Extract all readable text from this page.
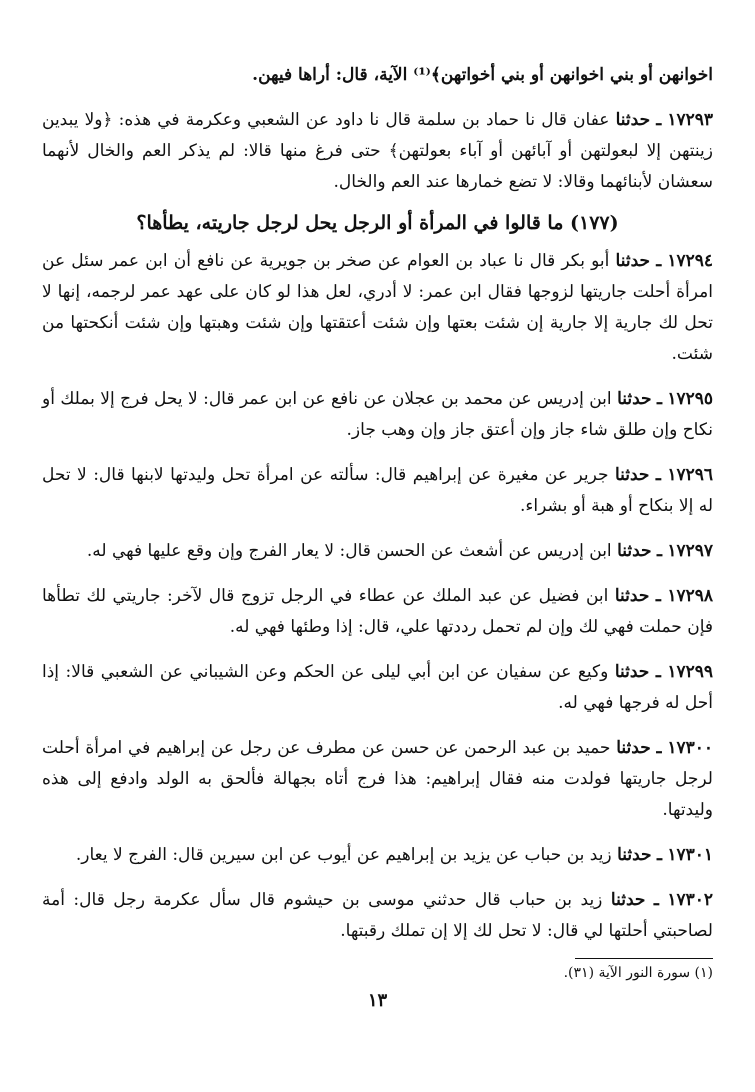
اخوانهن أو بني اخوانهن أو بني أخواتهن﴾⁽¹⁾ الآية، قال: أراها فيهن.

١٧٢٩٣ ـ حدثنا عفان قال نا حماد بن سلمة قال نا داود عن الشعبي وعكرمة في هذه: ﴿ولا يبدين زينتهن إلا لبعولتهن أو آبائهن أو آباء بعولتهن﴾ حتى فرغ منها قالا: لم يذكر العم والخال لأنهما سعشان لأبنائهما وقالا: لا تضع خمارها عند العم والخال.

(١٧٧) ما قالوا في المرأة أو الرجل يحل لرجل جاريته، يطأها؟

١٧٢٩٤ ـ حدثنا أبو بكر قال نا عباد بن العوام عن صخر بن جويرية عن نافع أن ابن عمر سئل عن امرأة أحلت جاريتها لزوجها فقال ابن عمر: لا أدري، لعل هذا لو كان على عهد عمر لرجمه، إنها لا تحل لك جارية إلا جارية إن شئت بعتها وإن شئت أعتقتها وإن شئت وهبتها وإن شئت أنكحتها من شئت.

١٧٢٩٥ ـ حدثنا ابن إدريس عن محمد بن عجلان عن نافع عن ابن عمر قال: لا يحل فرج إلا بملك أو نكاح وإن طلق شاء جاز وإن أعتق جاز وإن وهب جاز.

١٧٢٩٦ ـ حدثنا جرير عن مغيرة عن إبراهيم قال: سألته عن امرأة تحل وليدتها لابنها قال: لا تحل له إلا بنكاح أو هبة أو بشراء.

١٧٢٩٧ ـ حدثنا ابن إدريس عن أشعث عن الحسن قال: لا يعار الفرج وإن وقع عليها فهي له.

١٧٢٩٨ ـ حدثنا ابن فضيل عن عبد الملك عن عطاء في الرجل تزوج قال لآخر: جاريتي لك تطأها فإن حملت فهي لك وإن لم تحمل رددتها علي، قال: إذا وطئها فهي له.

١٧٢٩٩ ـ حدثنا وكيع عن سفيان عن ابن أبي ليلى عن الحكم وعن الشيباني عن الشعبي قالا: إذا أحل له فرجها فهي له.

١٧٣٠٠ ـ حدثنا حميد بن عبد الرحمن عن حسن عن مطرف عن رجل عن إبراهيم في امرأة أحلت لرجل جاريتها فولدت منه فقال إبراهيم: هذا فرج أتاه بجهالة فألحق به الولد وادفع إلى هذه وليدتها.

١٧٣٠١ ـ حدثنا زيد بن حباب عن يزيد بن إبراهيم عن أيوب عن ابن سيرين قال: الفرج لا يعار.

١٧٣٠٢ ـ حدثنا زيد بن حباب قال حدثني موسى بن حيشوم قال سأل عكرمة رجل قال: أمة لصاحبتي أحلتها لي قال: لا تحل لك إلا إن تملك رقبتها.

(١) سورة النور الآية (٣١).
١٣
